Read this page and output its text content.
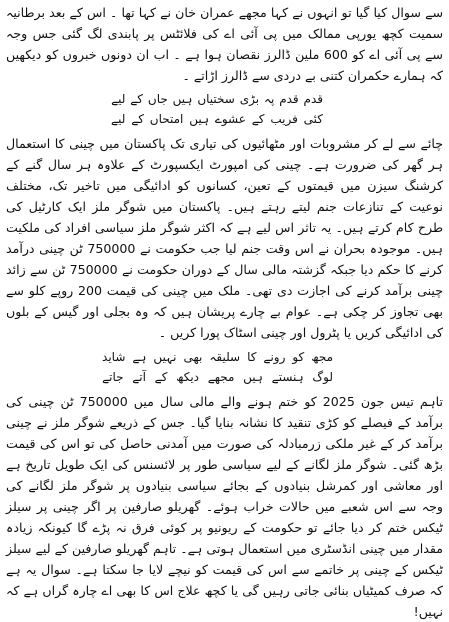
سے سوال کیا گیا تو انہوں نے کہا مجھے عمران خان نے کہا تھا ۔ اس کے بعد برطانیہ سمیت کچھ یورپی ممالک میں پی آئی اے کی فلائٹس پر پابندی لگ گئی جس وجہ سے پی آئی اے کو 600 ملین ڈالرز نقصان ہوا ہے ۔ اب ان دونوں خبروں کو دیکھیں کہ ہمارے حکمران کتنی بے دردی سے ڈالرز اڑاتے ۔

قدم
قدم
پہ
بڑی
سختیاں
ہیں
جاں
کے
لیے
کئی
فریب
کے
عشوے
ہیں
امتحاں
کے
لیے

چائے سے لے کر مشروبات اور مٹھائیوں کی تیاری تک پاکستان میں چینی کا استعمال ہر گھر کی ضرورت ہے۔ چینی کی امپورٹ ایکسپورٹ کے علاوہ ہر سال گنے کے کرشنگ سیزن میں قیمتوں کے تعین، کسانوں کو ادائیگی میں تاخیر تک، مختلف نوعیت کے تنازعات جنم لیتے رہتے ہیں۔ پاکستان میں شوگر ملز ایک کارٹیل کی طرح کام کرتے ہیں۔ یہ تاثر اس لیے ہے کہ اکثر شوگر ملز سیاسی افراد کی ملکیت ہیں۔ موجودہ بحران نے اس وقت جنم لیا جب حکومت نے 750000 ٹن چینی درآمد کرنے کا حکم دیا جبکہ گزشتہ مالی سال کے دوران حکومت نے 750000 ٹن سے زائد چینی برآمد کرنے کی اجازت دی تھی۔ ملک میں چینی کی قیمت 200 روپے کلو سے بھی تجاوز کر چکی ہے۔ عوام بے چارے پریشان ہیں کہ وہ بجلی اور گیس کے بلوں کی ادائیگی کریں یا پٹرول اور چینی اسٹاک پورا کریں ۔

مجھ
کو
رونے
کا
سلیقہ
بھی
نہیں
ہے
شاید
لوگ
ہنستے
ہیں
مجھے
دیکھ
کے
آتے
جاتے

تاہم تیس جون 2025 کو ختم ہونے والے مالی سال میں 750000 ٹن چینی کی برآمد کے فیصلے کو کڑی تنقید کا نشانہ بنایا گیا۔ جس کے ذریعے شوگر ملز نے چینی برآمد کر کے غیر ملکی زرمبادلہ کی صورت میں آمدنی حاصل کی تو اس کی قیمت بڑھ گئی۔ شوگر ملز لگانے کے لیے سیاسی طور پر لائسنس کی ایک طویل تاریخ ہے اور معاشی اور کمرشل بنیادوں کے بجائے سیاسی بنیادوں پر شوگر ملز لگانے کی وجہ سے اس شعبے میں حالات خراب ہوئے۔ گھریلو صارفین پر اگر چینی پر سیلز ٹیکس ختم کر دیا جائے تو حکومت کے ریونیو پر کوئی فرق نہ پڑے گا کیونکہ زیادہ مقدار میں چینی انڈسٹری میں استعمال ہوتی ہے۔ تاہم گھریلو صارفین کے لیے سیلز ٹیکس کے چینی پر خاتمے سے اس کی قیمت کو نیچے لایا جا سکتا ہے۔ سوال یہ ہے کہ صرف کمیٹیاں بنائی جاتی رہیں گی یا کچھ علاج اس کا بھی اے چارہ گراں ہے کہ نہیں!
